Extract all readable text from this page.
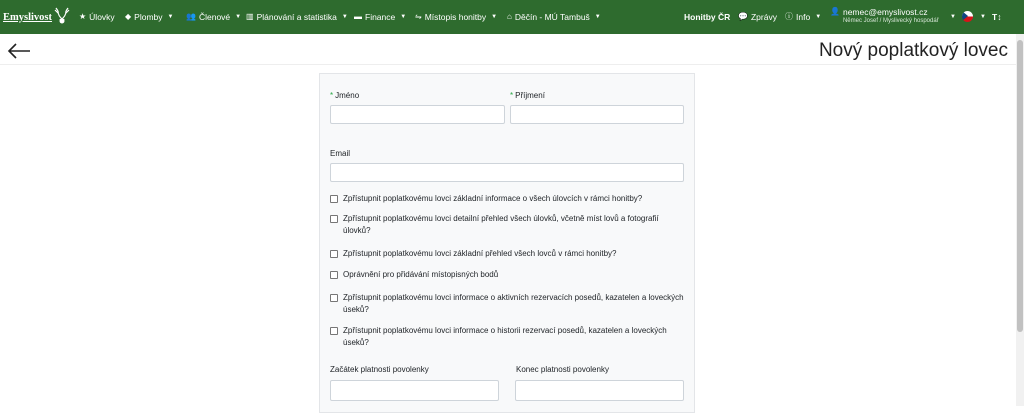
Emyslivost	★ Úlovky ◆ Plomby ▼ 👥 Členové ▼ ▥ Plánování a statistika ▼ ▬ Finance ▼ ⇋ Místopis honitby ▼ ⌂ Děčín - MÚ Tambuš ▼	Honitby ČR 💬 Zprávy ⓘ Info ▼
👤 nemec@emyslivost.cz
Němec Josef / Myslivecký hospodář
▼	▼ T↕
Nový poplatkový lovec
* Jméno	* Příjmení
Email
Zpřístupnit poplatkovému lovci základní informace o všech úlovcích v rámci honitby?
Zpřístupnit poplatkovému lovci detailní přehled všech úlovků, včetně míst lovů a fotografií úlovků?
Zpřístupnit poplatkovému lovci základní přehled všech lovců v rámci honitby?
Oprávnění pro přidávání místopisných bodů
Zpřístupnit poplatkovému lovci informace o aktivních rezervacích posedů, kazatelen a loveckých úseků?
Zpřístupnit poplatkovému lovci informace o historii rezervací posedů, kazatelen a loveckých úseků?
Začátek platnosti povolenky	Konec platnosti povolenky
